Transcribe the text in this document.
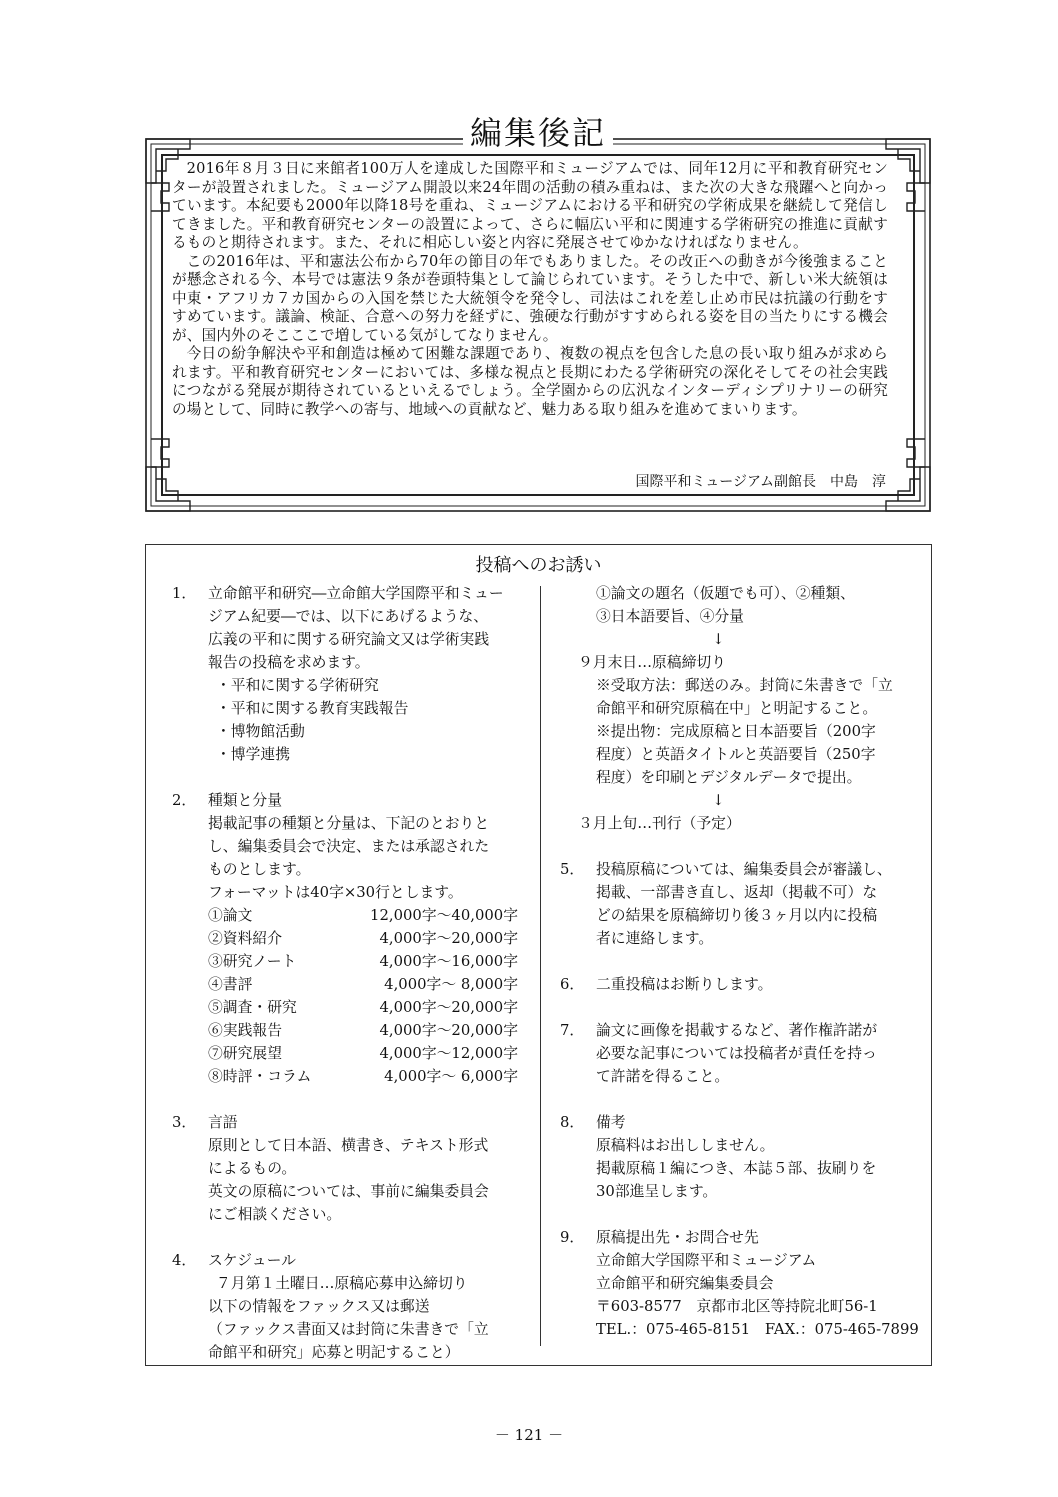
編集後記

2016年８月３日に来館者100万人を達成した国際平和ミュージアムでは、同年12月に平和教育研究センターが設置されました。ミュージアム開設以来24年間の活動の積み重ねは、また次の大きな飛躍へと向かっています。本紀要も2000年以降18号を重ね、ミュージアムにおける平和研究の学術成果を継続して発信してきました。平和教育研究センターの設置によって、さらに幅広い平和に関連する学術研究の推進に貢献するものと期待されます。また、それに相応しい姿と内容に発展させてゆかなければなりません。

この2016年は、平和憲法公布から70年の節目の年でもありました。その改正への動きが今後強まることが懸念される今、本号では憲法９条が巻頭特集として論じられています。そうした中で、新しい米大統領は中東・アフリカ７カ国からの入国を禁じた大統領令を発令し、司法はこれを差し止め市民は抗議の行動をすすめています。議論、検証、合意への努力を経ずに、強硬な行動がすすめられる姿を目の当たりにする機会が、国内外のそこここで増している気がしてなりません。

今日の紛争解決や平和創造は極めて困難な課題であり、複数の視点を包含した息の長い取り組みが求められます。平和教育研究センターにおいては、多様な視点と長期にわたる学術研究の深化そしてその社会実践につながる発展が期待されているといえるでしょう。全学園からの広汎なインターディシプリナリーの研究の場として、同時に教学への寄与、地域への貢献など、魅力ある取り組みを進めてまいります。

国際平和ミュージアム副館長　中島　淳
投稿へのお誘い
1． 立命館平和研究―立命館大学国際平和ミュー
ジアム紀要―では、以下にあげるような、
広義の平和に関する研究論文又は学術実践
報告の投稿を求めます。
・平和に関する学術研究
・平和に関する教育実践報告
・博物館活動
・博学連携
2． 種類と分量
掲載記事の種類と分量は、下記のとおりと
し、編集委員会で決定、または承認された
ものとします。
フォーマットは40字×30行とします。
①論文	12,000字～40,000字
②資料紹介	4,000字～20,000字
③研究ノート	4,000字～16,000字
④書評	4,000字～ 8,000字
⑤調査・研究	4,000字～20,000字
⑥実践報告	4,000字～20,000字
⑦研究展望	4,000字～12,000字
⑧時評・コラム	4,000字～ 6,000字
3． 言語
原則として日本語、横書き、テキスト形式
によるもの。
英文の原稿については、事前に編集委員会
にご相談ください。
4． スケジュール
７月第１土曜日…原稿応募申込締切り
以下の情報をファックス又は郵送
（ファックス書面又は封筒に朱書きで「立
命館平和研究」応募と明記すること）
①論文の題名（仮題でも可）、②種類、
③日本語要旨、④分量
↓
９月末日…原稿締切り
※受取方法：郵送のみ。封筒に朱書きで「立
命館平和研究原稿在中」と明記すること。
※提出物：完成原稿と日本語要旨（200字
程度）と英語タイトルと英語要旨（250字
程度）を印刷とデジタルデータで提出。
↓
３月上旬…刊行（予定）
5． 投稿原稿については、編集委員会が審議し、
掲載、一部書き直し、返却（掲載不可）な
どの結果を原稿締切り後３ヶ月以内に投稿
者に連絡します。
6． 二重投稿はお断りします。
7． 論文に画像を掲載するなど、著作権許諾が
必要な記事については投稿者が責任を持っ
て許諾を得ること。
8． 備考
原稿料はお出ししません。
掲載原稿１編につき、本誌５部、抜刷りを
30部進呈します。
9． 原稿提出先・お問合せ先
立命館大学国際平和ミュージアム
立命館平和研究編集委員会
〒603-8577　京都市北区等持院北町56-1
TEL.：075-465-8151　FAX.：075-465-7899
－ 121 －
